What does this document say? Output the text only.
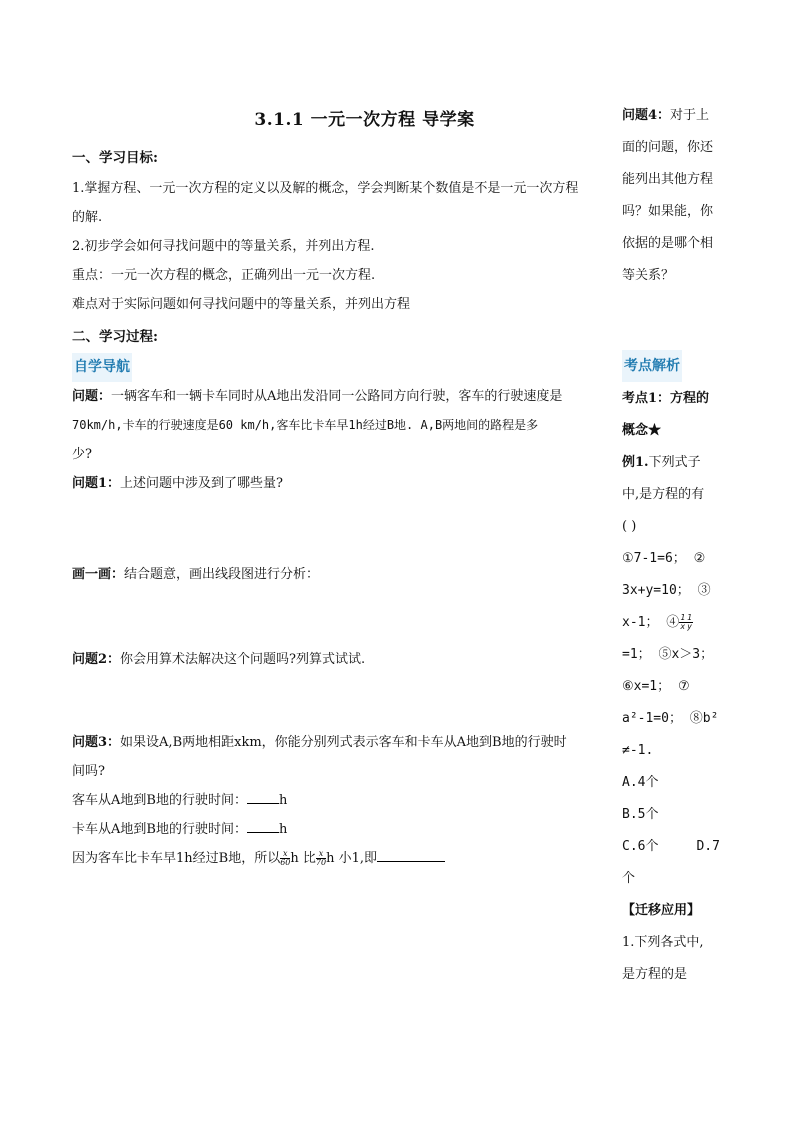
3.1.1 一元一次方程 导学案
一、学习目标:

1.掌握方程、一元一次方程的定义以及解的概念，学会判断某个数值是不是一元一次方程

的解.

2.初步学会如何寻找问题中的等量关系，并列出方程.

重点：一元一次方程的概念，正确列出一元一次方程.

难点对于实际问题如何寻找问题中的等量关系，并列出方程

二、学习过程:

自学导航

问题：一辆客车和一辆卡车同时从A地出发沿同一公路同方向行驶，客车的行驶速度是

70km/h,卡车的行驶速度是60 km/h,客车比卡车早1h经过B地. A,B两地间的路程是多

少?

问题1：上述问题中涉及到了哪些量?

画一画：结合题意，画出线段图进行分析：

问题2：你会用算术法解决这个问题吗?列算式试试.

问题3：如果设A,B两地相距xkm，你能分别列式表示客车和卡车从A地到B地的行驶时

间吗?

客车从A地到B地的行驶时间： h

卡车从A地到B地的行驶时间： h

因为客车比卡车早1h经过B地，所以 $\frac{x}{60}$ h 比 $\frac{x}{70}$ h 小1,即

问题4：对于上

面的问题，你还

能列出其他方程

吗？如果能，你

依据的是哪个相

等关系？

考点解析

考点1：方程的

概念★

例1.下列式子

中,是方程的有

( )

①7-1=6； ②

3x+y=10； ③

x-1； ④ $\frac{1}{x} \frac{1}{y}$

=1； ⑤x＞3；

⑥x=1； ⑦

a²-1=0； ⑧b²

≠-1.

A.4个

B.5个

C.6个	D.7

个

【迁移应用】

1.下列各式中,

是方程的是
